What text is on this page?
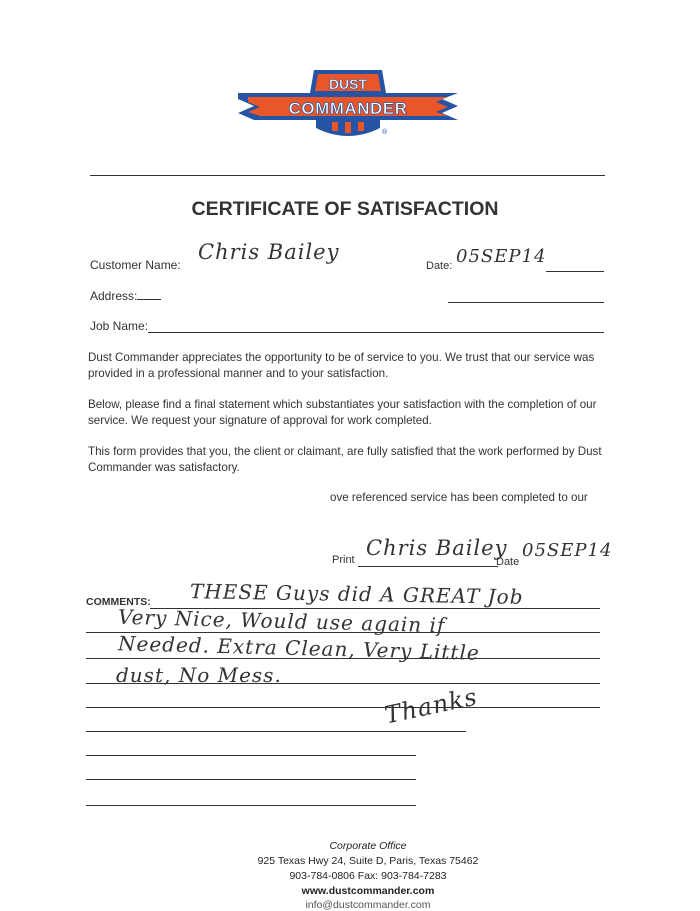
DUST
COMMANDER
®
CERTIFICATE OF SATISFACTION
Customer Name:
Chris Bailey
Date: 05SEP14
Address:
Job Name:

Dust Commander appreciates the opportunity to be of service to you. We trust that our service was provided in a professional manner and to your satisfaction.

Below, please find a final statement which substantiates your satisfaction with the completion of our service. We request your signature of approval for work completed.

This form provides that you, the client or claimant, are fully satisfied that the work performed by Dust Commander was satisfactory.

ove referenced service has been completed to our
Print Chris Bailey
Date
05SEP14
COMMENTS: THESE Guys did A GREAT Job
Very Nice, Would use again if
Needed. Extra Clean, Very Little
dust, No Mess.
Thanks
Corporate Office
925 Texas Hwy 24, Suite D, Paris, Texas 75462
903-784-0806 Fax: 903-784-7283
www.dustcommander.com
info@dustcommander.com
